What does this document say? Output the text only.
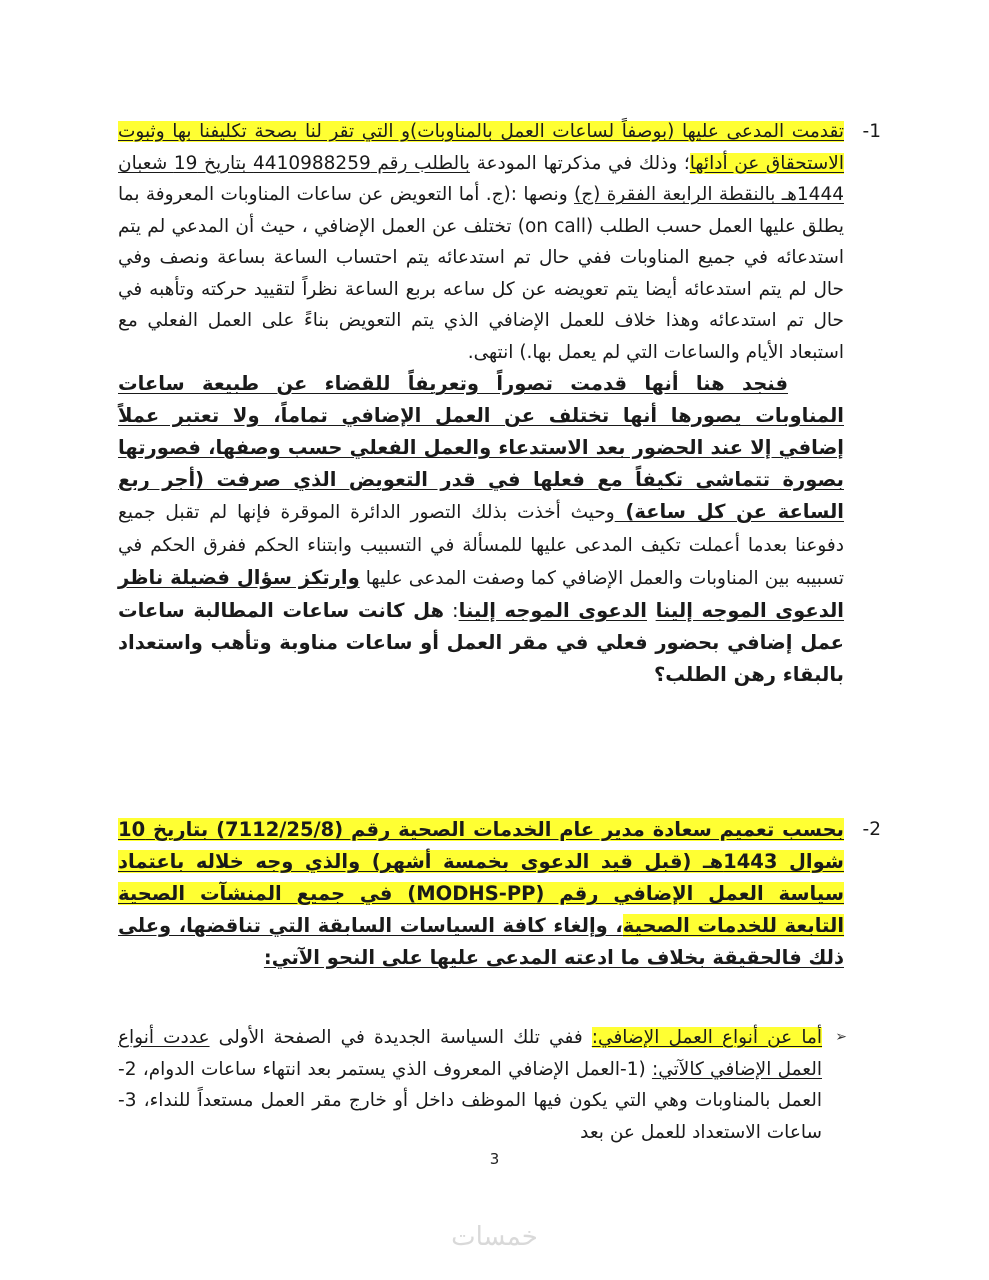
-1

تقدمت المدعى عليها (بوصفاً لساعات العمل بالمناوبات)و التي تقر لنا بصحة تكليفنا بها وثبوت الاستحقاق عن أدائها؛ وذلك في مذكرتها المودعة بالطلب رقم 4410988259 بتاريخ 19 شعبان 1444هـ بالنقطة الرابعة الفقرة (ج) ونصها :(ج. أما التعويض عن ساعات المناوبات المعروفة بما يطلق عليها العمل حسب الطلب (on call) تختلف عن العمل الإضافي ، حيث أن المدعي لم يتم استدعائه في جميع المناوبات ففي حال تم استدعائه يتم احتساب الساعة بساعة ونصف وفي حال لم يتم استدعائه أيضا يتم تعويضه عن كل ساعه بربع الساعة نظراً لتقييد حركته وتأهبه في حال تم استدعائه وهذا خلاف للعمل الإضافي الذي يتم التعويض بناءً على العمل الفعلي مع استبعاد الأيام والساعات التي لم يعمل بها.) انتهى.

فنجد هنا أنها قدمت تصوراً وتعريفاً للقضاء عن طبيعة ساعات المناوبات يصورها أنها تختلف عن العمل الإضافي تماماً، ولا تعتبر عملاً إضافي إلا عند الحضور بعد الاستدعاء والعمل الفعلي حسب وصفها، فصورتها بصورة تتماشى تكيفاً مع فعلها في قدر التعويض الذي صرفت (أجر ربع الساعة عن كل ساعة) وحيث أخذت بذلك التصور الدائرة الموقرة فإنها لم تقبل جميع دفوعنا بعدما أعملت تكيف المدعى عليها للمسألة في التسبيب وابتناء الحكم ففرق الحكم في تسبيبه بين المناوبات والعمل الإضافي كما وصفت المدعى عليها وارتكز سؤال فضيلة ناظر الدعوى الموجه إلينا الدعوى الموجه إلينا: هل كانت ساعات المطالبة ساعات عمل إضافي بحضور فعلي في مقر العمل أو ساعات مناوبة وتأهب واستعداد بالبقاء رهن الطلب؟

-2

بحسب تعميم سعادة مدير عام الخدمات الصحية رقم (7112/25/8) بتاريخ 10 شوال 1443هـ (قبل قيد الدعوى بخمسة أشهر) والذي وجه خلاله باعتماد سياسة العمل الإضافي رقم (MODHS-PP) في جميع المنشآت الصحية التابعة للخدمات الصحية، وإلغاء كافة السياسات السابقة التي تناقضها، وعلى ذلك فالحقيقة بخلاف ما ادعته المدعى عليها على النحو الآتي:

➢

أما عن أنواع العمل الإضافي: ففي تلك السياسة الجديدة في الصفحة الأولى عددت أنواع العمل الإضافي كالآتي: (1-العمل الإضافي المعروف الذي يستمر بعد انتهاء ساعات الدوام، 2-العمل بالمناوبات وهي التي يكون فيها الموظف داخل أو خارج مقر العمل مستعداً للنداء، 3-ساعات الاستعداد للعمل عن بعد

3
خمسات
